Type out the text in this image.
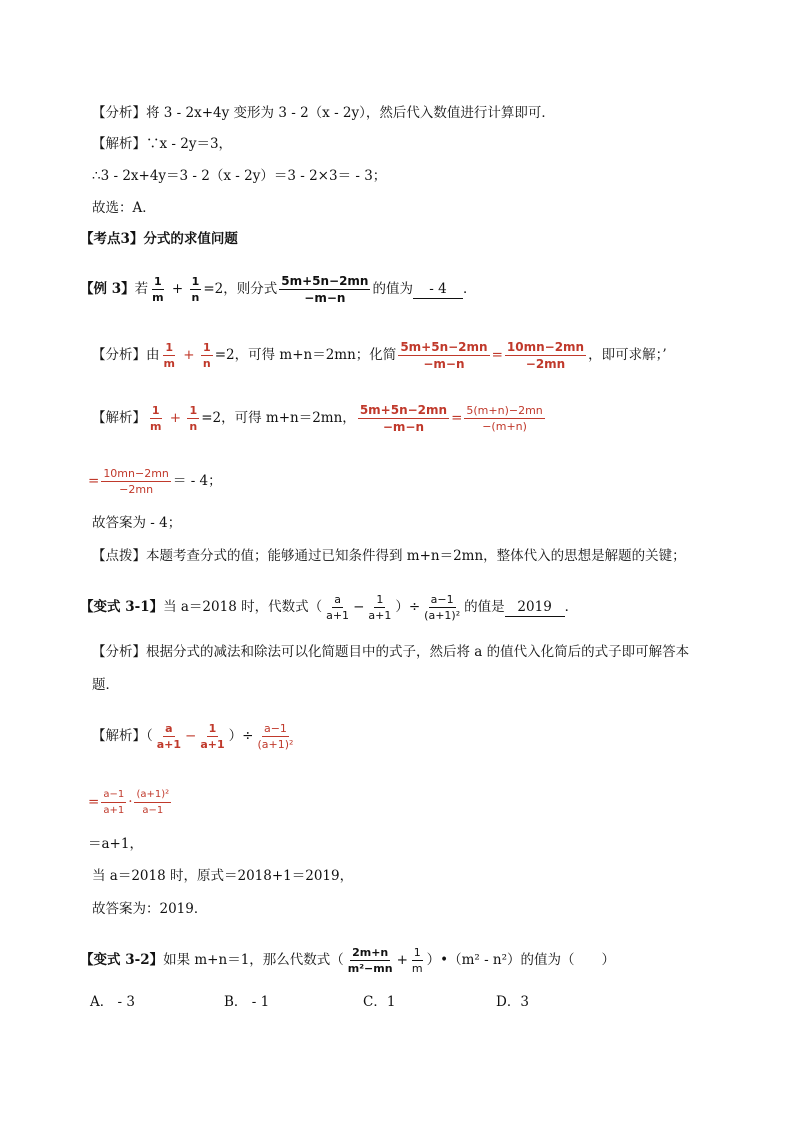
【分析】将 3 - 2x+4y 变形为 3 - 2（x - 2y），然后代入数值进行计算即可．
【解析】∵x - 2y＝3，
∴3 - 2x+4y＝3 - 2（x - 2y）＝3 - 2×3＝ - 3；
故选：A．
【考点3】分式的求值问题
【例 3】若 $\frac{1}{m} + \frac{1}{n} =2$，则分式 $\frac{5m+5n-2mn}{-m-n}$ 的值为- 4．
【分析】由 $\frac{1}{m} + \frac{1}{n} =2$，可得 m+n＝2mn；化简 $\frac{5m+5n-2mn}{-m-n} = \frac{10mn-2mn}{-2mn}$ ，即可求解；’
【解析】 $\frac{1}{m} + \frac{1}{n} =2$，可得 m+n＝2mn， $\frac{5m+5n-2mn}{-m-n} = \frac{5(m+n)-2mn}{-(m+n)}$
= $\frac{10mn-2mn}{-2mn}$ ＝ - 4；
故答案为 - 4；
【点拨】本题考查分式的值；能够通过已知条件得到 m+n＝2mn，整体代入的思想是解题的关键；
【变式 3-1】当 a＝2018 时，代数式（ $\frac{a}{a+1} - \frac{1}{a+1}$ ）÷ $\frac{a-1}{\text{(a+1)²}}$ 的值是 2019 ．
【分析】根据分式的减法和除法可以化简题目中的式子，然后将 a 的值代入化简后的式子即可解答本
题．
【解析】（ $\frac{a}{a+1} - \frac{1}{a+1}$ ）÷ $\frac{a-1}{\text{(a+1)²}}$
= $\frac{a-1}{a+1} \cdot \frac{\text{(a+1)²}}{a-1}$
＝a+1，
当 a＝2018 时，原式＝2018+1＝2019，
故答案为：2019．
【变式 3-2】如果 m+n＝1，那么代数式（ $\frac{2m+n}{\text{m²−mn}} + \frac{1}{m}$ ）•（m² - n²）的值为（　　）
A． - 3	B． - 1	C．1	D．3
